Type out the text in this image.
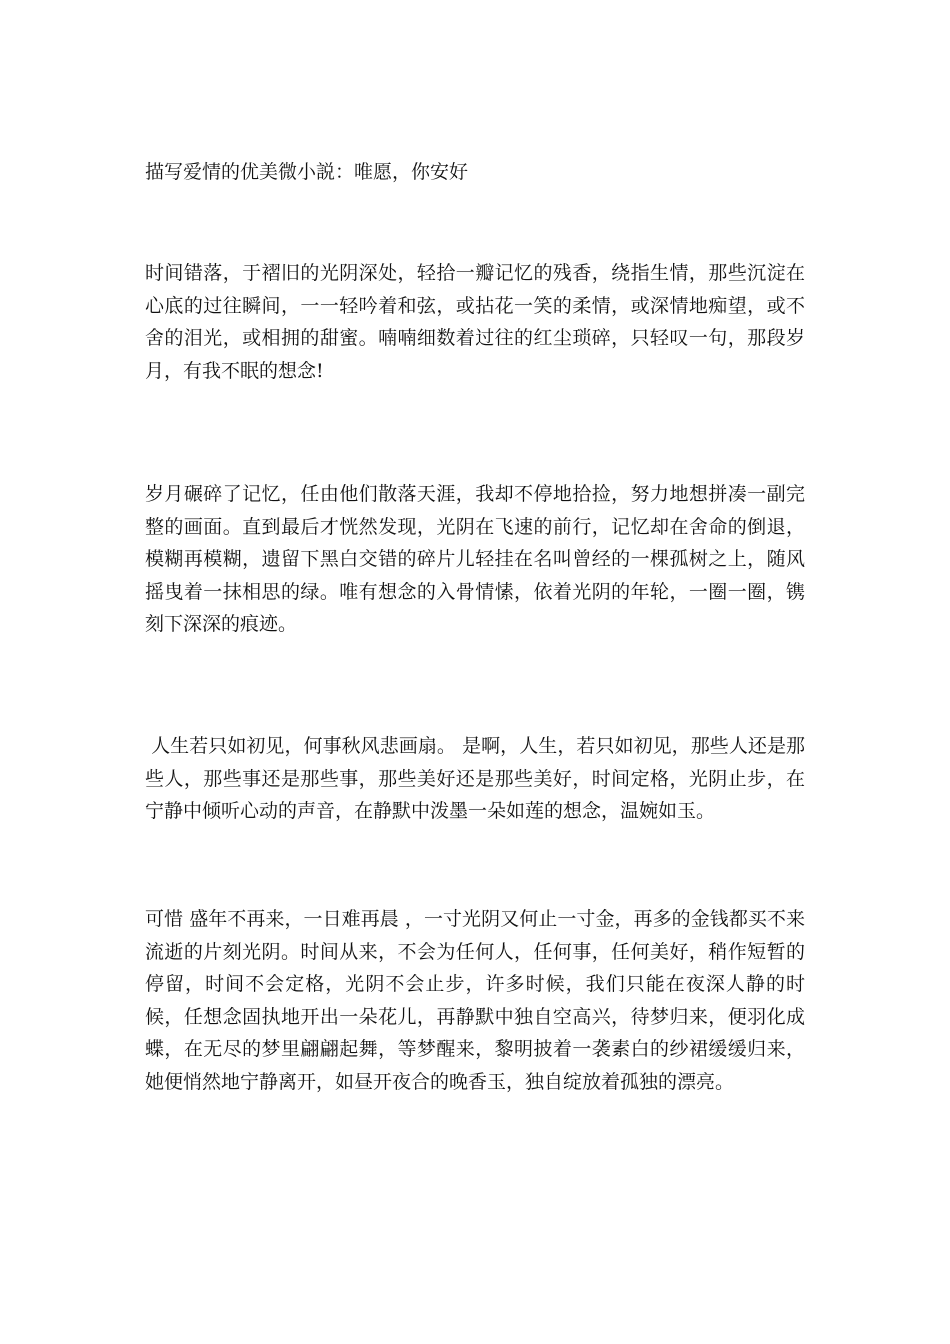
描写爱情的优美微小説：唯愿，你安好

时间错落，于褶旧的光阴深处，轻拾一瓣记忆的残香，绕指生情，那些沉淀在心底的过往瞬间，一一轻吟着和弦，或拈花一笑的柔情，或深情地痴望，或不舍的泪光，或相拥的甜蜜。喃喃细数着过往的红尘琐碎，只轻叹一句，那段岁月，有我不眠的想念!

岁月碾碎了记忆，任由他们散落天涯，我却不停地拾捡，努力地想拼凑一副完整的画面。直到最后才恍然发现，光阴在飞速的前行，记忆却在舍命的倒退，模糊再模糊，遗留下黑白交错的碎片儿轻挂在名叫曾经的一棵孤树之上，随风摇曳着一抹相思的绿。唯有想念的入骨情愫，依着光阴的年轮，一圈一圈，镌刻下深深的痕迹。

人生若只如初见，何事秋风悲画扇。 是啊，人生，若只如初见，那些人还是那些人，那些事还是那些事，那些美好还是那些美好，时间定格，光阴止步，在宁静中倾听心动的声音，在静默中泼墨一朵如莲的想念，温婉如玉。

可惜 盛年不再来，一日难再晨 ，一寸光阴又何止一寸金，再多的金钱都买不来流逝的片刻光阴。时间从来，不会为任何人，任何事，任何美好，稍作短暂的停留，时间不会定格，光阴不会止步，许多时候，我们只能在夜深人静的时候，任想念固执地开出一朵花儿，再静默中独自空高兴，待梦归来，便羽化成蝶，在无尽的梦里翩翩起舞，等梦醒来，黎明披着一袭素白的纱裙缓缓归来，她便悄然地宁静离开，如昼开夜合的晚香玉，独自绽放着孤独的漂亮。
